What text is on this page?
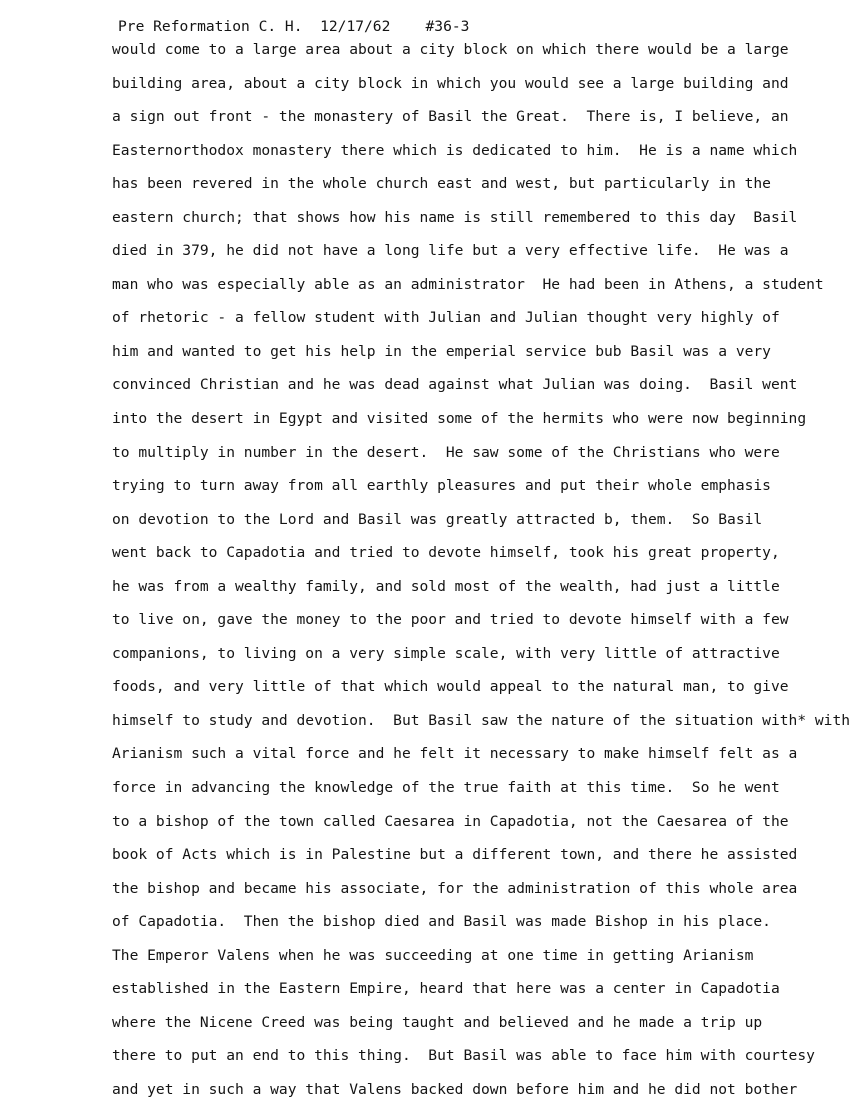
Pre Reformation C. H.  12/17/62    #36-3
would come to a large area about a city block on which there would be a large
building area, about a city block in which you would see a large building and
a sign out front - the monastery of Basil the Great.  There is, I believe, an
Easternorthodox monastery there which is dedicated to him.  He is a name which
has been revered in the whole church east and west, but particularly in the
eastern church; that shows how his name is still remembered to this day  Basil
died in 379, he did not have a long life but a very effective life.  He was a
man who was especially able as an administrator  He had been in Athens, a student
of rhetoric - a fellow student with Julian and Julian thought very highly of
him and wanted to get his help in the emperial service bub Basil was a very
convinced Christian and he was dead against what Julian was doing.  Basil went
into the desert in Egypt and visited some of the hermits who were now beginning
to multiply in number in the desert.  He saw some of the Christians who were
trying to turn away from all earthly pleasures and put their whole emphasis
on devotion to the Lord and Basil was greatly attracted b, them.  So Basil
went back to Capadotia and tried to devote himself, took his great property,
he was from a wealthy family, and sold most of the wealth, had just a little
to live on, gave the money to the poor and tried to devote himself with a few
companions, to living on a very simple scale, with very little of attractive
foods, and very little of that which would appeal to the natural man, to give
himself to study and devotion.  But Basil saw the nature of the situation with* with
Arianism such a vital force and he felt it necessary to make himself felt as a
force in advancing the knowledge of the true faith at this time.  So he went
to a bishop of the town called Caesarea in Capadotia, not the Caesarea of the
book of Acts which is in Palestine but a different town, and there he assisted
the bishop and became his associate, for the administration of this whole area
of Capadotia.  Then the bishop died and Basil was made Bishop in his place.
The Emperor Valens when he was succeeding at one time in getting Arianism
established in the Eastern Empire, heard that here was a center in Capadotia
where the Nicene Creed was being taught and believed and he made a trip up
there to put an end to this thing.  But Basil was able to face him with courtesy
and yet in such a way that Valens backed down before him and he did not bother
